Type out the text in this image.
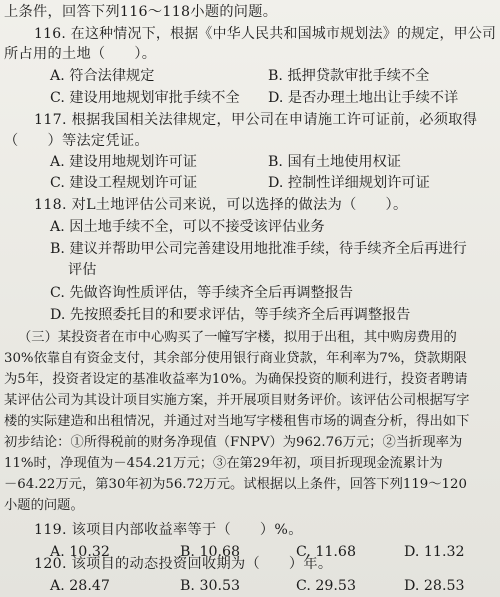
上条件，回答下列116～118小题的问题。
116. 在这种情况下，根据《中华人民共和国城市规划法》的规定，甲公司
所占用的土地（　　）。
A. 符合法律规定	B. 抵押贷款审批手续不全
C. 建设用地规划审批手续不全 D. 是否办理土地出让手续不详
117. 根据我国相关法律规定，甲公司在申请施工许可证前，必须取得
（　　）等法定凭证。
A. 建设用地规划许可证	B. 国有土地使用权证
C. 建设工程规划许可证	D. 控制性详细规划许可证
118. 对L土地评估公司来说，可以选择的做法为（　　）。
A. 因土地手续不全，可以不接受该评估业务
B. 建议并帮助甲公司完善建设用地批准手续，待手续齐全后再进行
评估
C. 先做咨询性质评估，等手续齐全后再调整报告
D. 先按照委托目的和要求评估，等手续齐全后再调整报告
（三）某投资者在市中心购买了一幢写字楼，拟用于出租，其中购房费用的
30%依靠自有资金支付，其余部分使用银行商业贷款，年利率为7%，贷款期限
为5年，投资者设定的基准收益率为10%。为确保投资的顺利进行，投资者聘请
某评估公司为其设计项目实施方案，并开展项目财务评价。该评估公司根据写字
楼的实际建造和出租情况，并通过对当地写字楼租售市场的调查分析，得出如下
初步结论：①所得税前的财务净现值（FNPV）为962.76万元；②当折现率为
11%时，净现值为－454.21万元；③在第29年初，项目折现现金流累计为
－64.22万元，第30年初为56.72万元。试根据以上条件，回答下列119～120
小题的问题。
119. 该项目内部收益率等于（　　）%。
A. 10.32	B. 10.68	C. 11.68	D. 11.32
120. 该项目的动态投资回收期为（　　）年。
A. 28.47	B. 30.53	C. 29.53	D. 28.53
